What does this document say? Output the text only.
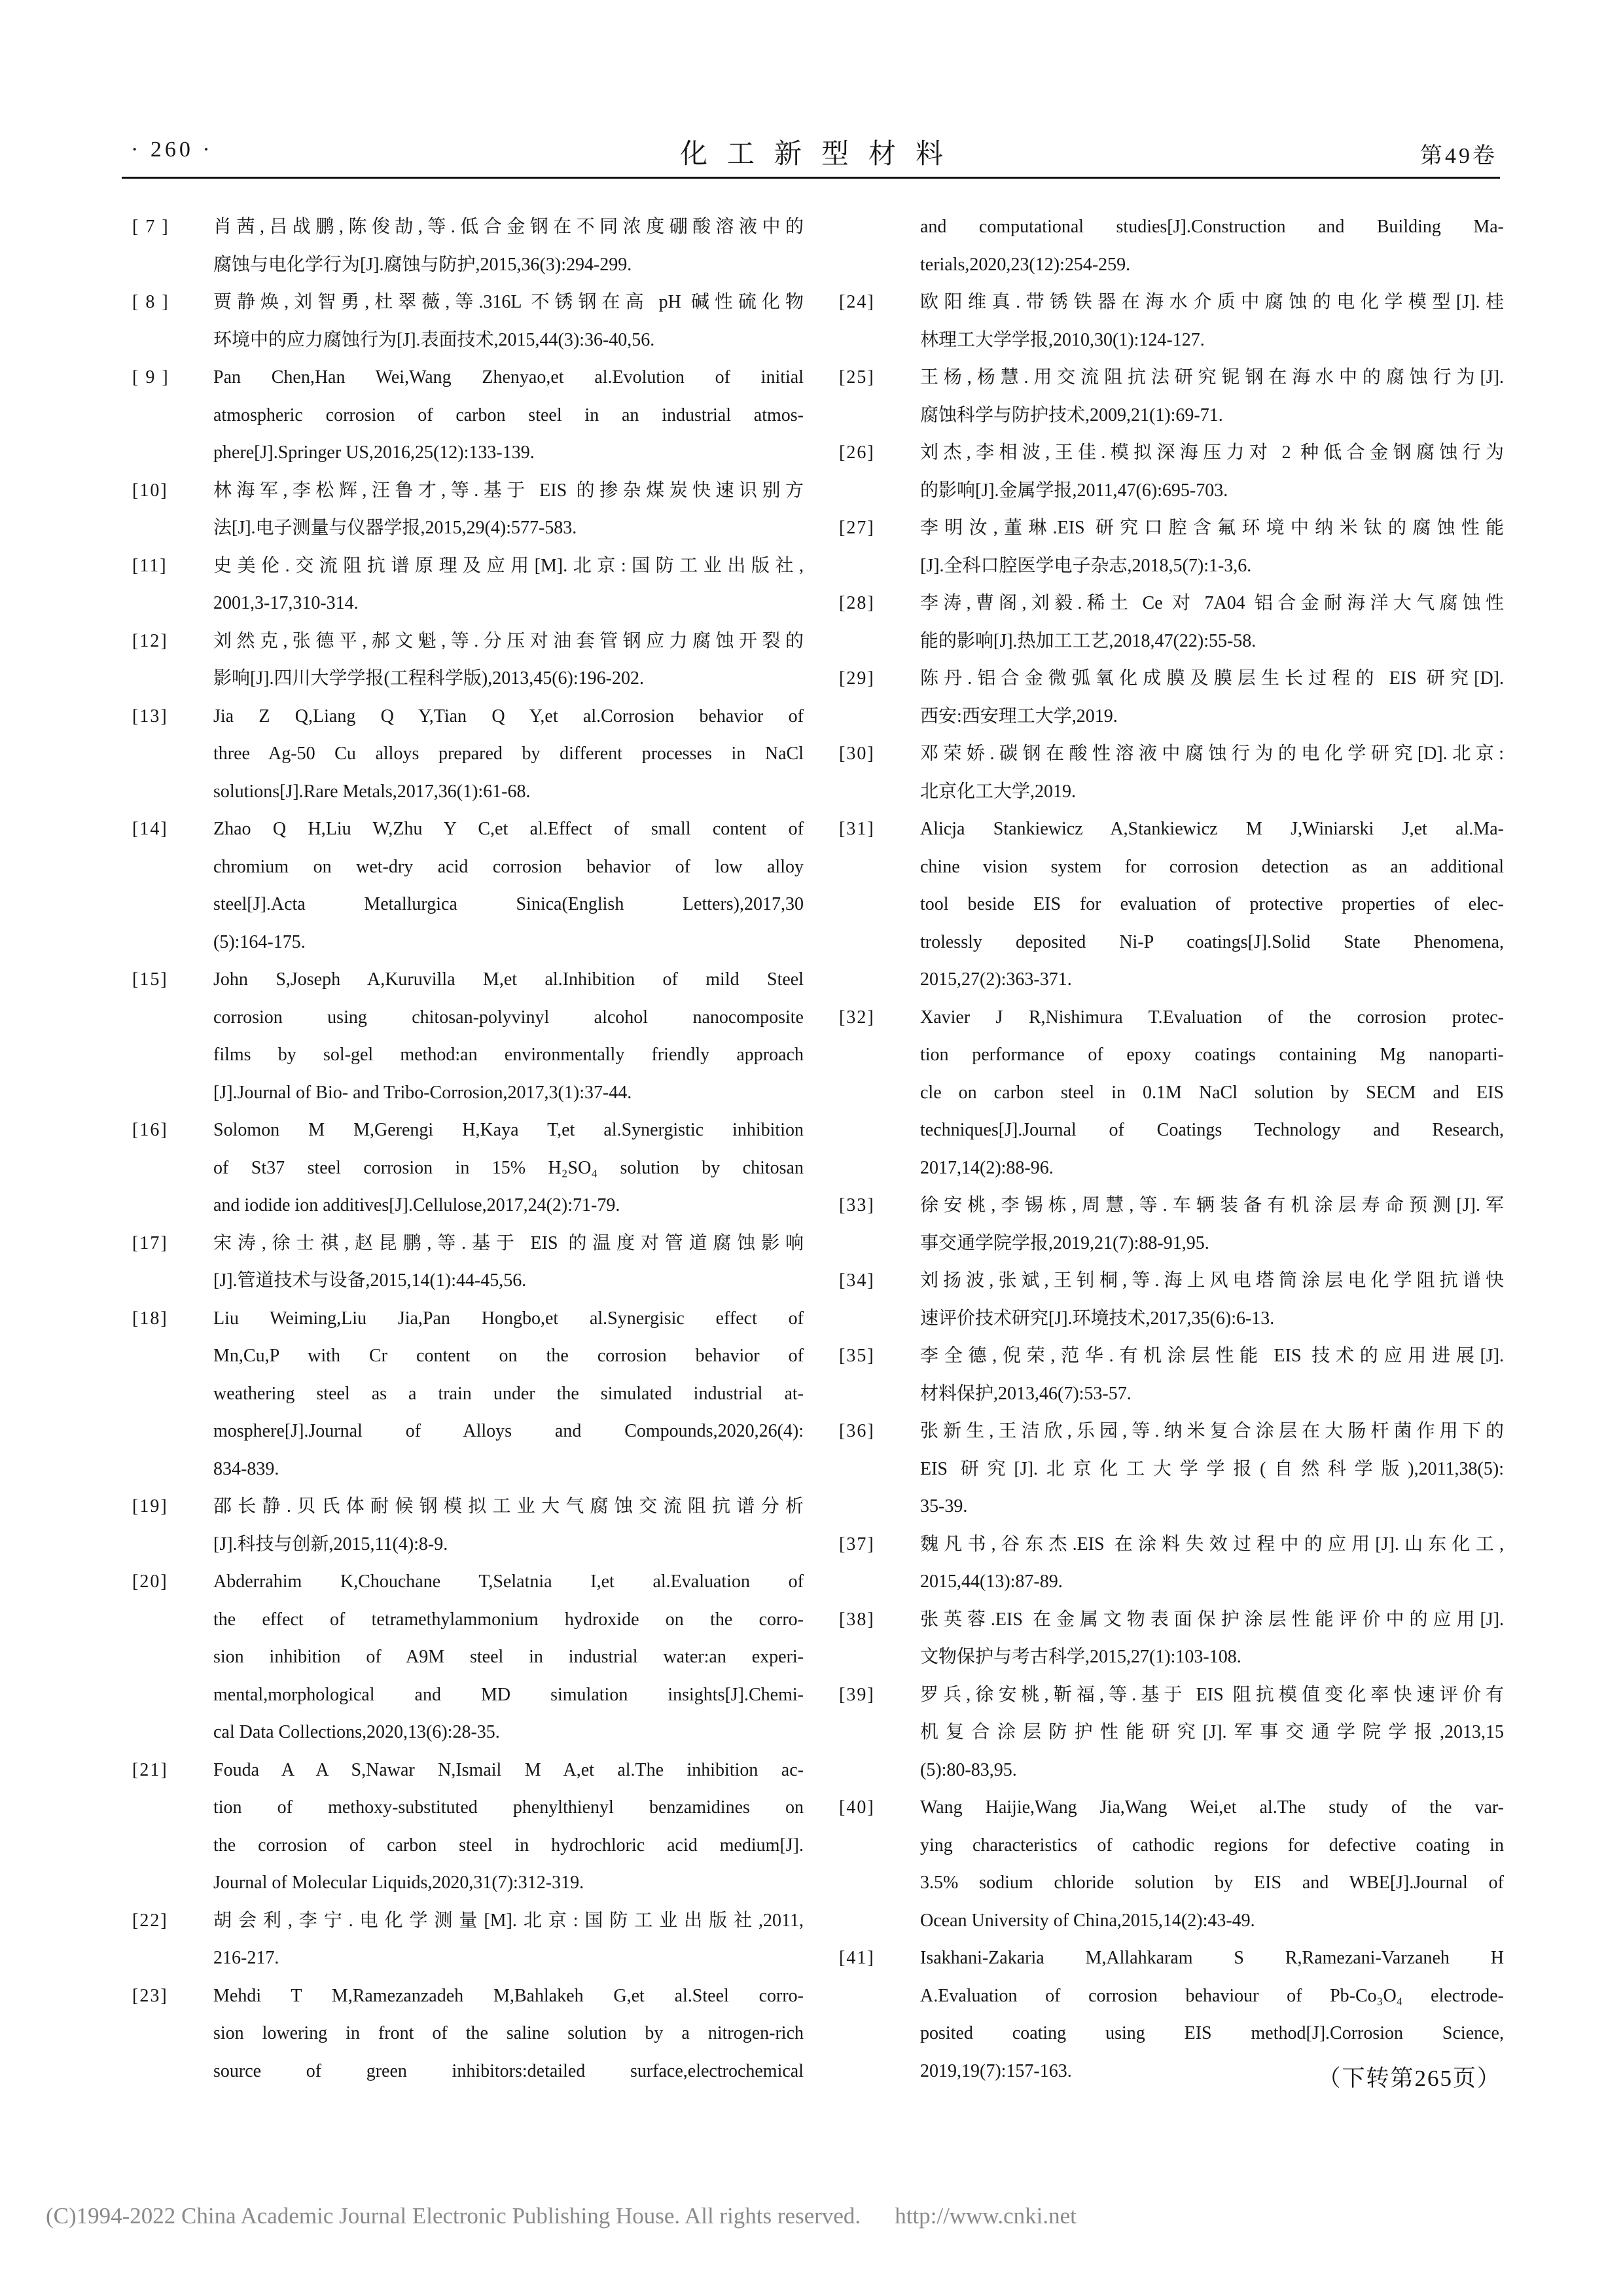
· 260 ·	化工新型材料	第49卷
[ 7 ]	肖茜,吕战鹏,陈俊劼,等.低合金钢在不同浓度硼酸溶液中的
腐蚀与电化学行为[J].腐蚀与防护,2015,36(3):294-299.
[ 8 ]	贾静焕,刘智勇,杜翠薇,等.316L 不锈钢在高 pH 碱性硫化物
环境中的应力腐蚀行为[J].表面技术,2015,44(3):36-40,56.
[ 9 ]	Pan Chen,Han Wei,Wang Zhenyao,et al.Evolution of initial
atmospheric corrosion of carbon steel in an industrial atmos-
phere[J].Springer US,2016,25(12):133-139.
[10]	林海军,李松辉,汪鲁才,等.基于 EIS 的掺杂煤炭快速识别方
法[J].电子测量与仪器学报,2015,29(4):577-583.
[11]	史美伦.交流阻抗谱原理及应用[M].北京:国防工业出版社,
2001,3-17,310-314.
[12]	刘然克,张德平,郝文魁,等.分压对油套管钢应力腐蚀开裂的
影响[J].四川大学学报(工程科学版),2013,45(6):196-202.
[13]	Jia Z Q,Liang Q Y,Tian Q Y,et al.Corrosion behavior of
three Ag-50 Cu alloys prepared by different processes in NaCl
solutions[J].Rare Metals,2017,36(1):61-68.
[14]	Zhao Q H,Liu W,Zhu Y C,et al.Effect of small content of
chromium on wet-dry acid corrosion behavior of low alloy
steel[J].Acta Metallurgica Sinica(English Letters),2017,30
(5):164-175.
[15]	John S,Joseph A,Kuruvilla M,et al.Inhibition of mild Steel
corrosion using chitosan-polyvinyl alcohol nanocomposite
films by sol-gel method:an environmentally friendly approach
[J].Journal of Bio- and Tribo-Corrosion,2017,3(1):37-44.
[16]	Solomon M M,Gerengi H,Kaya T,et al.Synergistic inhibition
of St37 steel corrosion in 15% H₂SO₄ solution by chitosan
and iodide ion additives[J].Cellulose,2017,24(2):71-79.
[17]	宋涛,徐士祺,赵昆鹏,等.基于 EIS 的温度对管道腐蚀影响
[J].管道技术与设备,2015,14(1):44-45,56.
[18]	Liu Weiming,Liu Jia,Pan Hongbo,et al.Synergisic effect of
Mn,Cu,P with Cr content on the corrosion behavior of
weathering steel as a train under the simulated industrial at-
mosphere[J].Journal of Alloys and Compounds,2020,26(4):
834-839.
[19]	邵长静.贝氏体耐候钢模拟工业大气腐蚀交流阻抗谱分析
[J].科技与创新,2015,11(4):8-9.
[20]	Abderrahim K,Chouchane T,Selatnia I,et al.Evaluation of
the effect of tetramethylammonium hydroxide on the corro-
sion inhibition of A9M steel in industrial water:an experi-
mental,morphological and MD simulation insights[J].Chemi-
cal Data Collections,2020,13(6):28-35.
[21]	Fouda A A S,Nawar N,Ismail M A,et al.The inhibition ac-
tion of methoxy-substituted phenylthienyl benzamidines on
the corrosion of carbon steel in hydrochloric acid medium[J].
Journal of Molecular Liquids,2020,31(7):312-319.
[22]	胡会利,李宁.电化学测量[M].北京:国防工业出版社,2011,
216-217.
[23]	Mehdi T M,Ramezanzadeh M,Bahlakeh G,et al.Steel corro-
sion lowering in front of the saline solution by a nitrogen-rich
source of green inhibitors:detailed surface,electrochemical
and computational studies[J].Construction and Building Ma-
terials,2020,23(12):254-259.
[24]	欧阳维真.带锈铁器在海水介质中腐蚀的电化学模型[J].桂
林理工大学学报,2010,30(1):124-127.
[25]	王杨,杨慧.用交流阻抗法研究铌钢在海水中的腐蚀行为[J].
腐蚀科学与防护技术,2009,21(1):69-71.
[26]	刘杰,李相波,王佳.模拟深海压力对 2 种低合金钢腐蚀行为
的影响[J].金属学报,2011,47(6):695-703.
[27]	李明汝,董琳.EIS 研究口腔含氟环境中纳米钛的腐蚀性能
[J].全科口腔医学电子杂志,2018,5(7):1-3,6.
[28]	李涛,曹阁,刘毅.稀土 Ce 对 7A04 铝合金耐海洋大气腐蚀性
能的影响[J].热加工工艺,2018,47(22):55-58.
[29]	陈丹.铝合金微弧氧化成膜及膜层生长过程的 EIS 研究[D].
西安:西安理工大学,2019.
[30]	邓荣娇.碳钢在酸性溶液中腐蚀行为的电化学研究[D].北京:
北京化工大学,2019.
[31]	Alicja Stankiewicz A,Stankiewicz M J,Winiarski J,et al.Ma-
chine vision system for corrosion detection as an additional
tool beside EIS for evaluation of protective properties of elec-
trolessly deposited Ni-P coatings[J].Solid State Phenomena,
2015,27(2):363-371.
[32]	Xavier J R,Nishimura T.Evaluation of the corrosion protec-
tion performance of epoxy coatings containing Mg nanoparti-
cle on carbon steel in 0.1M NaCl solution by SECM and EIS
techniques[J].Journal of Coatings Technology and Research,
2017,14(2):88-96.
[33]	徐安桃,李锡栋,周慧,等.车辆装备有机涂层寿命预测[J].军
事交通学院学报,2019,21(7):88-91,95.
[34]	刘扬波,张斌,王钊桐,等.海上风电塔筒涂层电化学阻抗谱快
速评价技术研究[J].环境技术,2017,35(6):6-13.
[35]	李全德,倪荣,范华.有机涂层性能 EIS 技术的应用进展[J].
材料保护,2013,46(7):53-57.
[36]	张新生,王洁欣,乐园,等.纳米复合涂层在大肠杆菌作用下的
EIS 研究[J].北京化工大学学报(自然科学版),2011,38(5):
35-39.
[37]	魏凡书,谷东杰.EIS 在涂料失效过程中的应用[J].山东化工,
2015,44(13):87-89.
[38]	张英蓉.EIS 在金属文物表面保护涂层性能评价中的应用[J].
文物保护与考古科学,2015,27(1):103-108.
[39]	罗兵,徐安桃,靳福,等.基于 EIS 阻抗模值变化率快速评价有
机复合涂层防护性能研究[J].军事交通学院学报,2013,15
(5):80-83,95.
[40]	Wang Haijie,Wang Jia,Wang Wei,et al.The study of the var-
ying characteristics of cathodic regions for defective coating in
3.5% sodium chloride solution by EIS and WBE[J].Journal of
Ocean University of China,2015,14(2):43-49.
[41]	Isakhani-Zakaria M,Allahkaram S R,Ramezani-Varzaneh H
A.Evaluation of corrosion behaviour of Pb-Co₃O₄ electrode-
posited coating using EIS method[J].Corrosion Science,
2019,19(7):157-163.	（下转第265页）
(C)1994-2022 China Academic Journal Electronic Publishing House. All rights reserved. http://www.cnki.net
